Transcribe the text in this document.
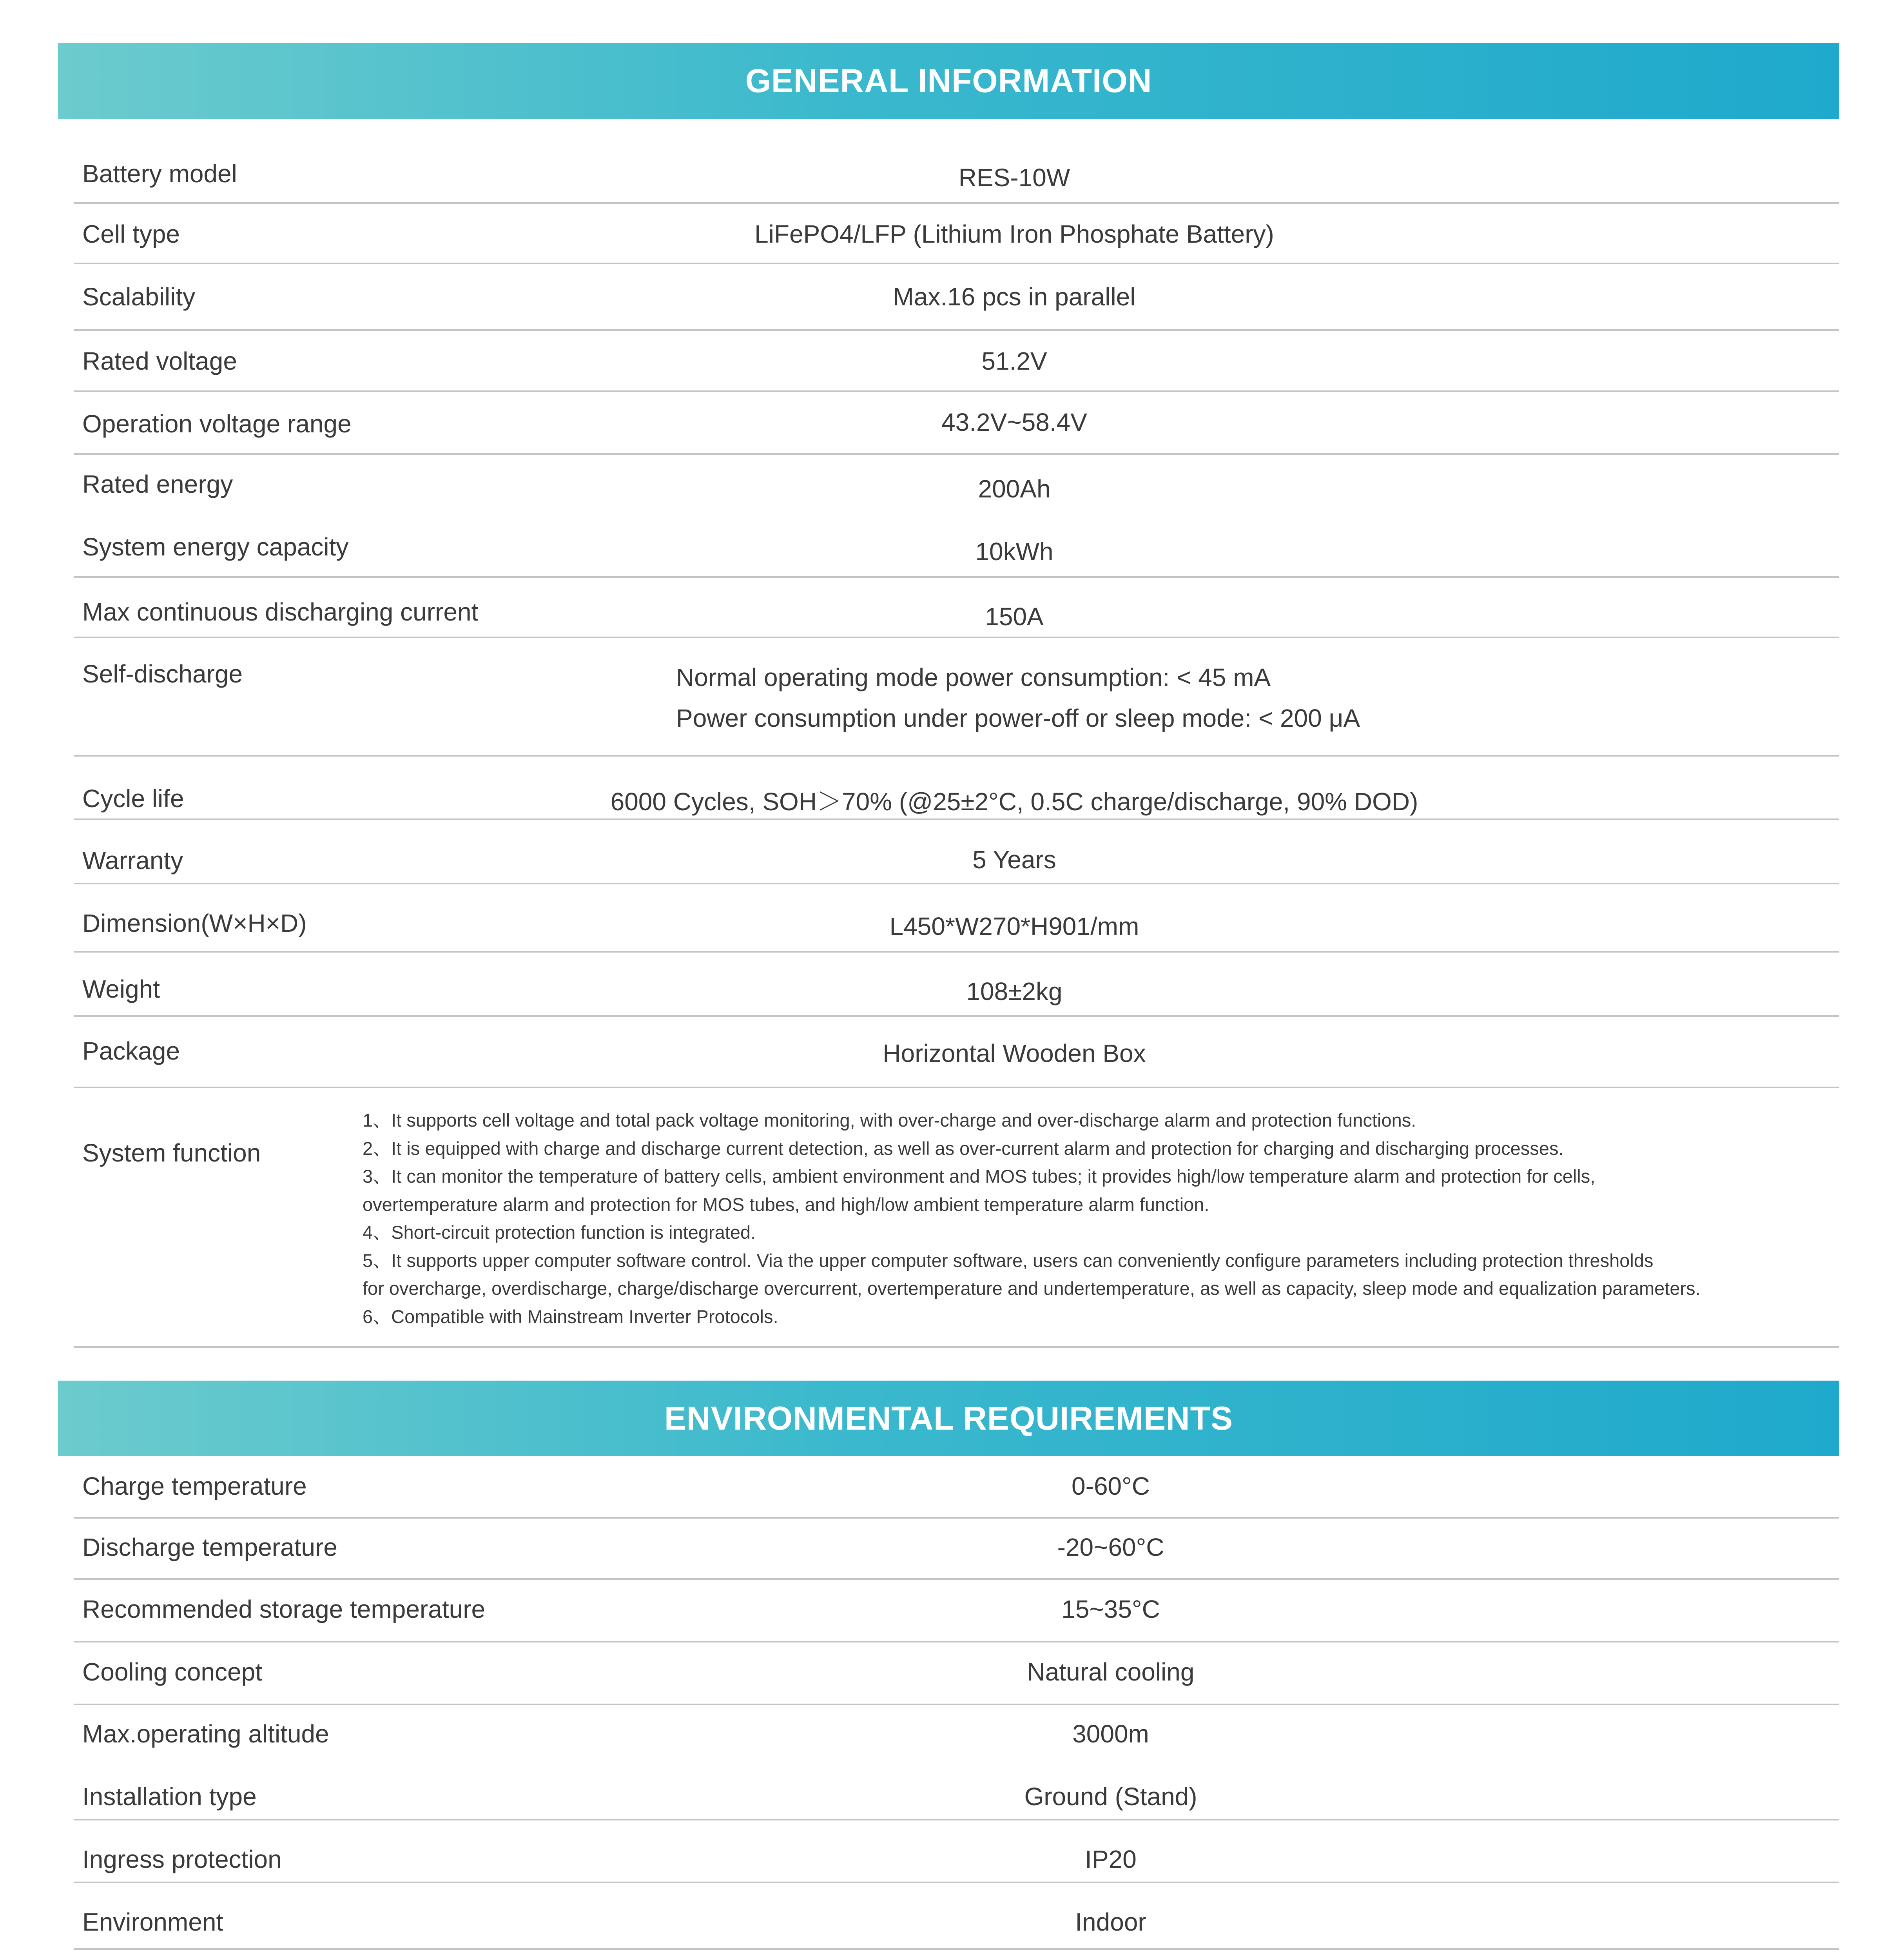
GENERAL INFORMATION
Battery model	RES-10W
Cell type	LiFePO4/LFP (Lithium Iron Phosphate Battery)
Scalability	Max.16 pcs in parallel
Rated voltage	51.2V
Operation voltage range	43.2V~58.4V
Rated energy	200Ah
System energy capacity	10kWh
Max continuous discharging current	150A
Self-discharge	Normal operating mode power consumption: < 45 mA
Power consumption under power-off or sleep mode: < 200 μA
Cycle life	6000 Cycles, SOH＞70% (@25±2°C, 0.5C charge/discharge, 90% DOD)
Warranty	5 Years
Dimension(W×H×D)	L450*W270*H901/mm
Weight	108±2kg
Package	Horizontal Wooden Box
System function
1、It supports cell voltage and total pack voltage monitoring, with over-charge and over-discharge alarm and protection functions.
2、It is equipped with charge and discharge current detection, as well as over-current alarm and protection for charging and discharging processes.
3、It can monitor the temperature of battery cells, ambient environment and MOS tubes; it provides high/low temperature alarm and protection for cells,
overtemperature alarm and protection for MOS tubes, and high/low ambient temperature alarm function.
4、Short-circuit protection function is integrated.
5、It supports upper computer software control. Via the upper computer software, users can conveniently configure parameters including protection thresholds
for overcharge, overdischarge, charge/discharge overcurrent, overtemperature and undertemperature, as well as capacity, sleep mode and equalization parameters.
6、Compatible with Mainstream Inverter Protocols.
ENVIRONMENTAL REQUIREMENTS
Charge temperature	0-60°C
Discharge temperature	-20~60°C
Recommended storage temperature	15~35°C
Cooling concept	Natural cooling
Max.operating altitude	3000m
Installation type	Ground (Stand)
Ingress protection	IP20
Environment	Indoor
